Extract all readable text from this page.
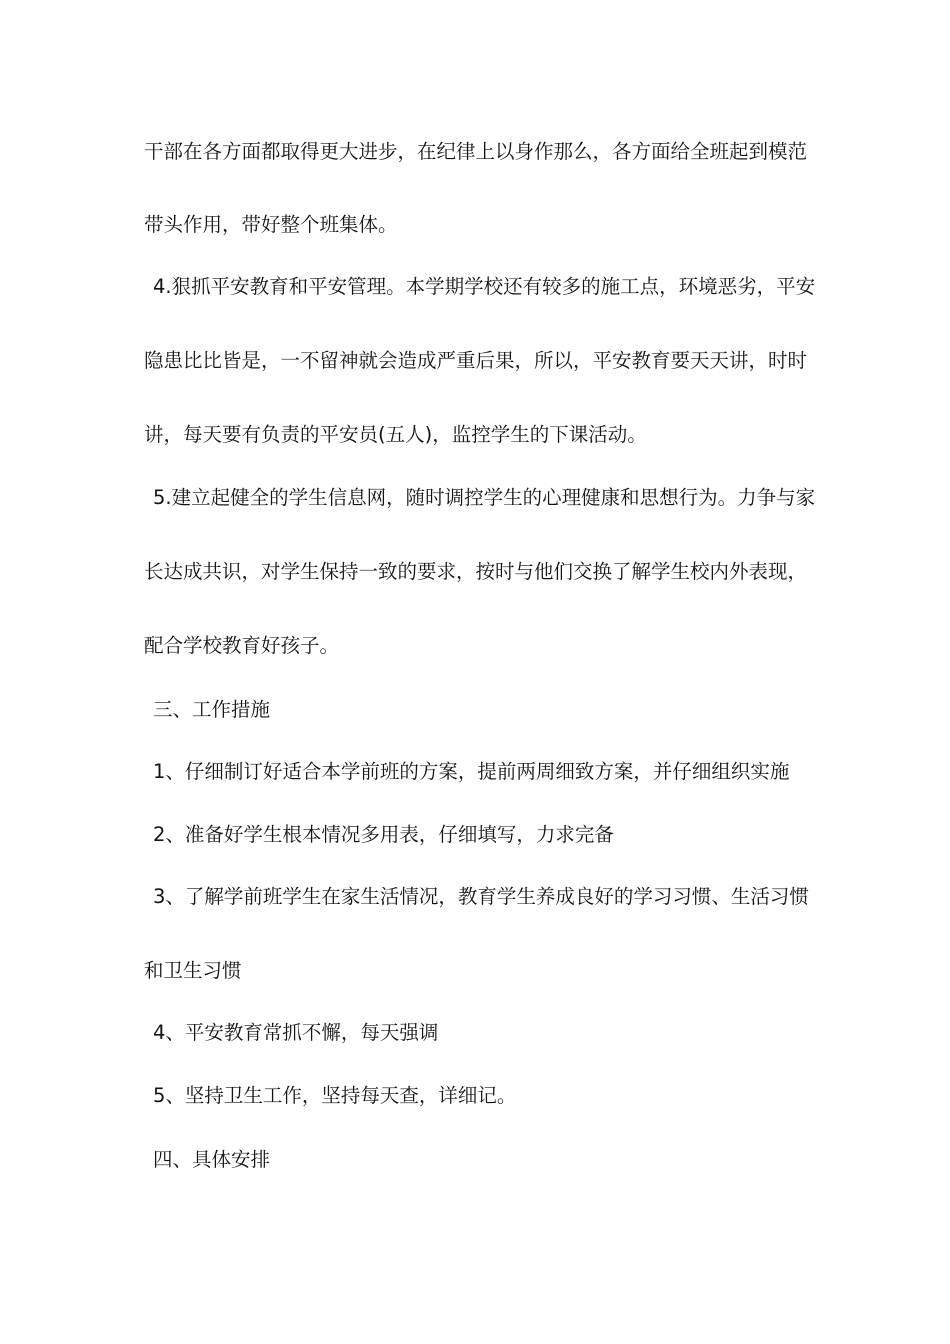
干部在各方面都取得更大进步，在纪律上以身作那么，各方面给全班起到模范
带头作用，带好整个班集体。
4.狠抓平安教育和平安管理。本学期学校还有较多的施工点，环境恶劣，平安
隐患比比皆是，一不留神就会造成严重后果，所以，平安教育要天天讲，时时
讲，每天要有负责的平安员(五人)，监控学生的下课活动。
5.建立起健全的学生信息网，随时调控学生的心理健康和思想行为。力争与家
长达成共识，对学生保持一致的要求，按时与他们交换了解学生校内外表现，
配合学校教育好孩子。
三、工作措施
1、仔细制订好适合本学前班的方案，提前两周细致方案，并仔细组织实施
2、准备好学生根本情况多用表，仔细填写，力求完备
3、了解学前班学生在家生活情况，教育学生养成良好的学习习惯、生活习惯
和卫生习惯
4、平安教育常抓不懈，每天强调
5、坚持卫生工作，坚持每天查，详细记。
四、具体安排
